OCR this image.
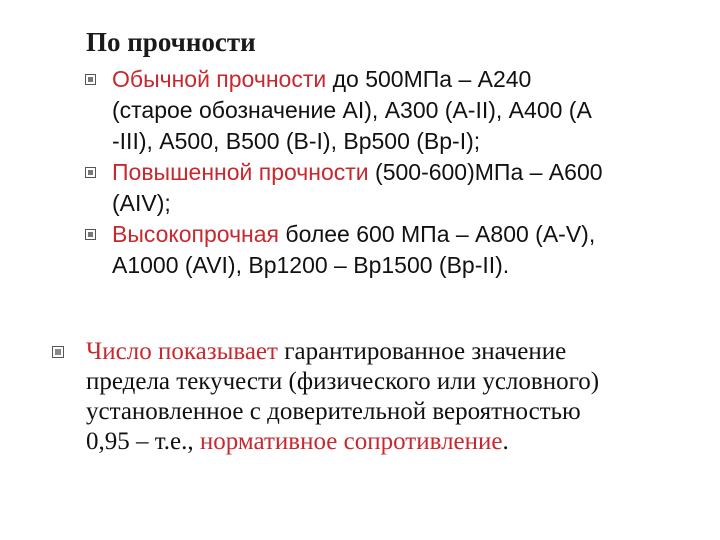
По прочности
Обычной прочности до 500МПа – А240
(старое обозначение AI), А300 (А-II), А400 (А
-III), А500, В500 (В-I), Вр500 (Вр-I);
Повышенной прочности (500-600)МПа – А600
(AIV);
Высокопрочная более 600 МПа – А800 (А-V),
А1000 (AVI), Вр1200 – Вр1500 (Вр-II).

Число показывает гарантированное значение
предела текучести (физического или условного)
установленное с доверительной вероятностью
0,95 – т.е., нормативное сопротивление.
